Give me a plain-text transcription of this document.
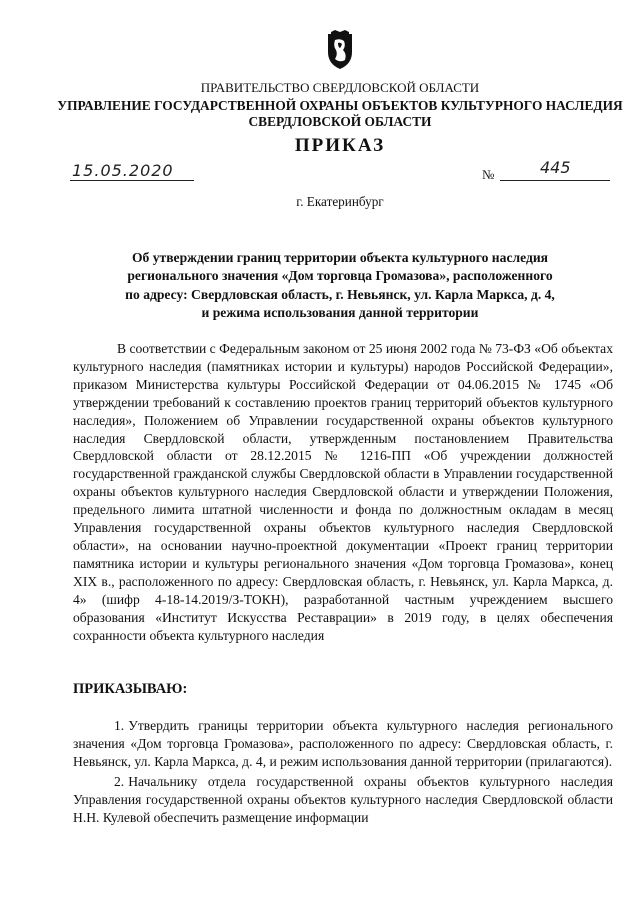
ПРАВИТЕЛЬСТВО СВЕРДЛОВСКОЙ ОБЛАСТИ
УПРАВЛЕНИЕ ГОСУДАРСТВЕННОЙ ОХРАНЫ ОБЪЕКТОВ КУЛЬТУРНОГО НАСЛЕДИЯ
СВЕРДЛОВСКОЙ ОБЛАСТИ
ПРИКАЗ
15.05.2020	№	445
г. Екатеринбург
Об утверждении границ территории объекта культурного наследия
регионального значения «Дом торговца Громазова», расположенного
по адресу: Свердловская область, г. Невьянск, ул. Карла Маркса, д. 4,
и режима использования данной территории

В соответствии с Федеральным законом от 25 июня 2002 года № 73-ФЗ «Об объектах культурного наследия (памятниках истории и культуры) народов Российской Федерации», приказом Министерства культуры Российской Федерации от 04.06.2015 № 1745 «Об утверждении требований к составлению проектов границ территорий объектов культурного наследия», Положением об Управлении государственной охраны объектов культурного наследия Свердловской области, утвержденным постановлением Правительства Свердловской области от 28.12.2015 № 1216-ПП «Об учреждении должностей государственной гражданской службы Свердловской области в Управлении государственной охраны объектов культурного наследия Свердловской области и утверждении Положения, предельного лимита штатной численности и фонда по должностным окладам в месяц Управления государственной охраны объектов культурного наследия Свердловской области», на основании научно-проектной документации «Проект границ территории памятника истории и культуры регионального значения «Дом торговца Громазова», конец XIX в., расположенного по адресу: Свердловская область, г. Невьянск, ул. Карла Маркса, д. 4» (шифр 4-18-14.2019/З-ТОКН), разработанной частным учреждением высшего образования «Институт Искусства Реставрации» в 2019 году, в целях обеспечения сохранности объекта культурного наследия

ПРИКАЗЫВАЮ:

1. Утвердить границы территории объекта культурного наследия регионального значения «Дом торговца Громазова», расположенного по адресу: Свердловская область, г. Невьянск, ул. Карла Маркса, д. 4, и режим использования данной территории (прилагаются).

2. Начальнику отдела государственной охраны объектов культурного наследия Управления государственной охраны объектов культурного наследия Свердловской области Н.Н. Кулевой обеспечить размещение информации
